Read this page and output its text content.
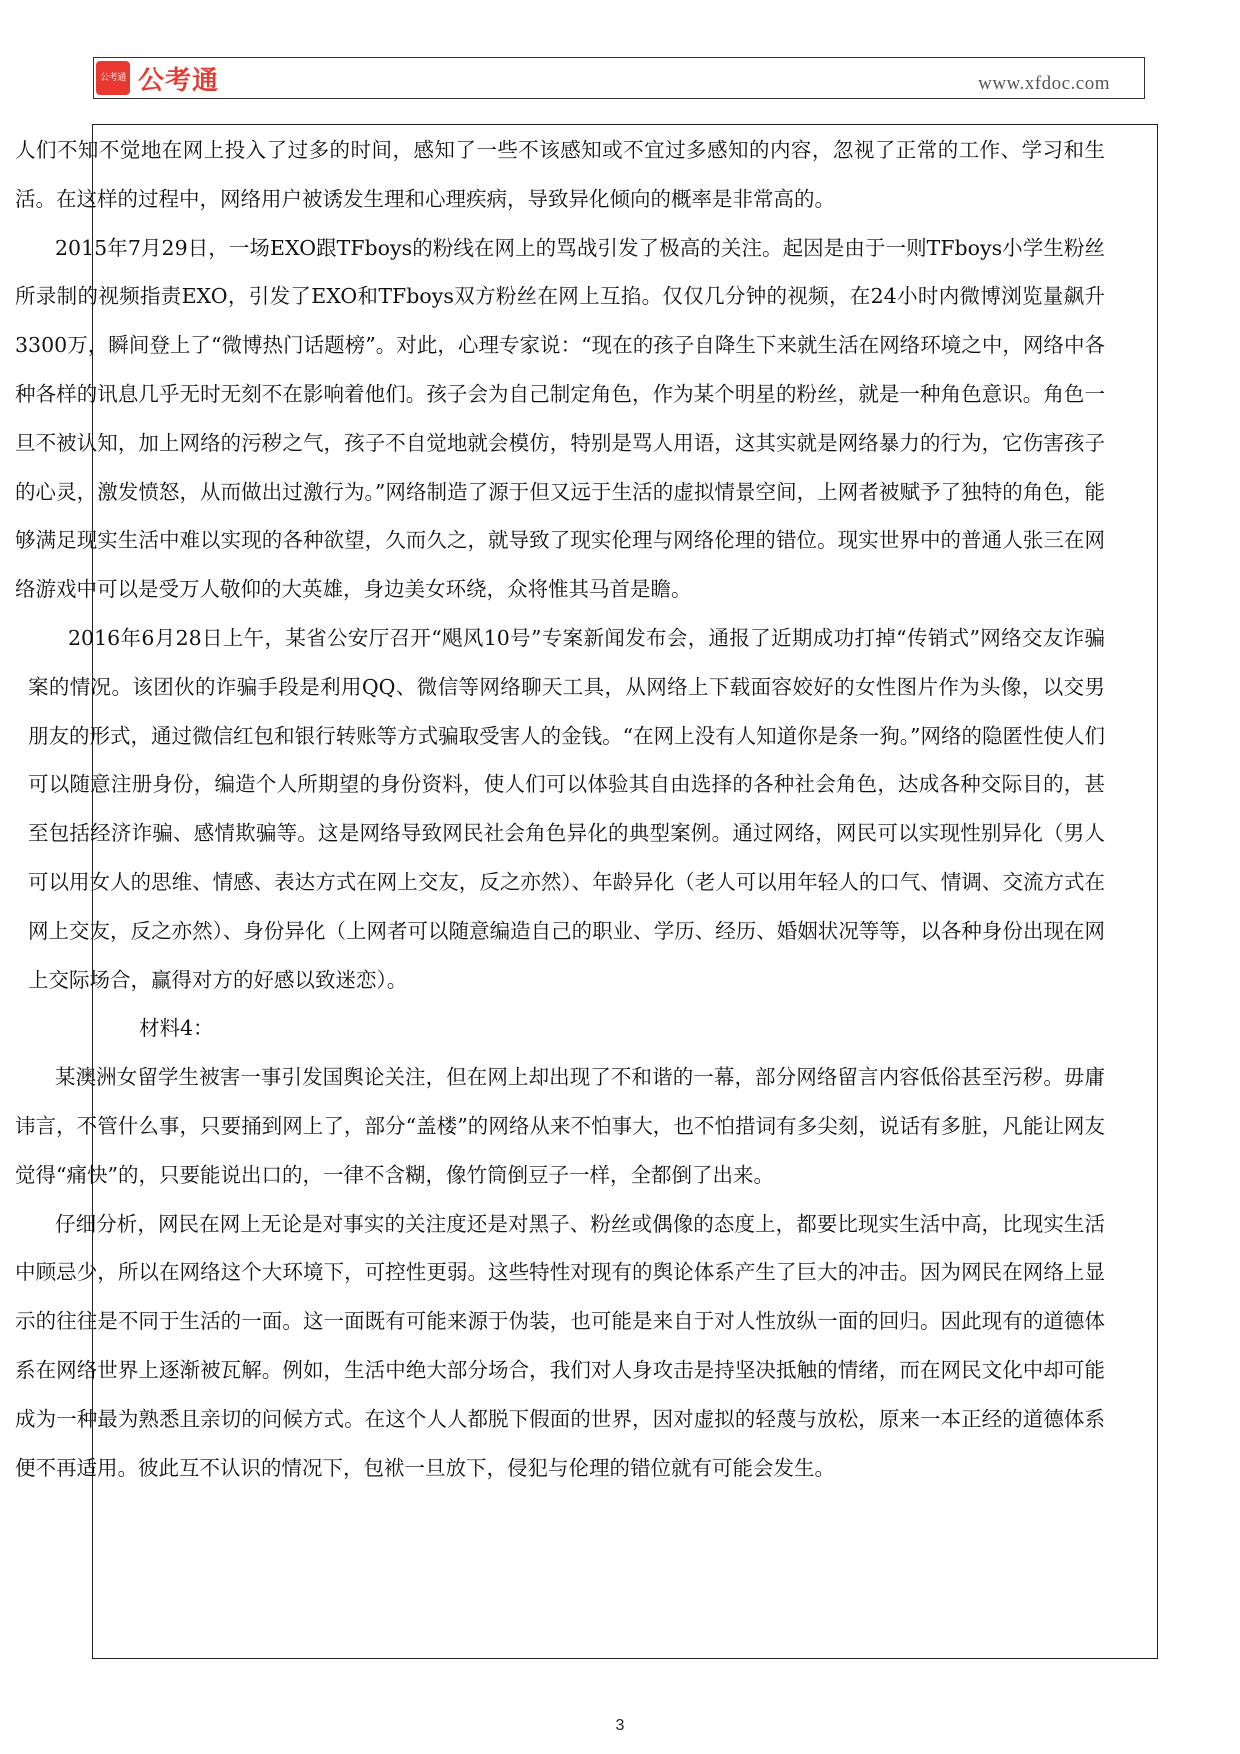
公考通 公考通	www.xfdoc.com

人们不知不觉地在网上投入了过多的时间，感知了一些不该感知或不宜过多感知的内容，忽视了正常的工作、学习和生活。在这样的过程中，网络用户被诱发生理和心理疾病，导致异化倾向的概率是非常高的。

2015年7月29日，一场EXO跟TFboys的粉线在网上的骂战引发了极高的关注。起因是由于一则TFboys小学生粉丝所录制的视频指责EXO，引发了EXO和TFboys双方粉丝在网上互掐。仅仅几分钟的视频，在24小时内微博浏览量飙升3300万，瞬间登上了“微博热门话题榜”。对此，心理专家说：“现在的孩子自降生下来就生活在网络环境之中，网络中各种各样的讯息几乎无时无刻不在影响着他们。孩子会为自己制定角色，作为某个明星的粉丝，就是一种角色意识。角色一旦不被认知，加上网络的污秽之气，孩子不自觉地就会模仿，特别是骂人用语，这其实就是网络暴力的行为，它伤害孩子的心灵，激发愤怒，从而做出过激行为。”网络制造了源于但又远于生活的虚拟情景空间，上网者被赋予了独特的角色，能够满足现实生活中难以实现的各种欲望，久而久之，就导致了现实伦理与网络伦理的错位。现实世界中的普通人张三在网络游戏中可以是受万人敬仰的大英雄，身边美女环绕，众将惟其马首是瞻。

2016年6月28日上午，某省公安厅召开“飓风10号”专案新闻发布会，通报了近期成功打掉“传销式”网络交友诈骗案的情况。该团伙的诈骗手段是利用QQ、微信等网络聊天工具，从网络上下载面容姣好的女性图片作为头像，以交男朋友的形式，通过微信红包和银行转账等方式骗取受害人的金钱。“在网上没有人知道你是条一狗。”网络的隐匿性使人们可以随意注册身份，编造个人所期望的身份资料，使人们可以体验其自由选择的各种社会角色，达成各种交际目的，甚至包括经济诈骗、感情欺骗等。这是网络导致网民社会角色异化的典型案例。通过网络，网民可以实现性别异化（男人可以用女人的思维、情感、表达方式在网上交友，反之亦然）、年龄异化（老人可以用年轻人的口气、情调、交流方式在网上交友，反之亦然）、身份异化（上网者可以随意编造自己的职业、学历、经历、婚姻状况等等，以各种身份出现在网上交际场合，赢得对方的好感以致迷恋）。

材料4：

某澳洲女留学生被害一事引发国舆论关注，但在网上却出现了不和谐的一幕，部分网络留言内容低俗甚至污秽。毋庸讳言，不管什么事，只要捅到网上了，部分“盖楼”的网络从来不怕事大，也不怕措词有多尖刻，说话有多脏，凡能让网友觉得“痛快”的，只要能说出口的，一律不含糊，像竹筒倒豆子一样，全都倒了出来。

仔细分析，网民在网上无论是对事实的关注度还是对黑子、粉丝或偶像的态度上，都要比现实生活中高，比现实生活中顾忌少，所以在网络这个大环境下，可控性更弱。这些特性对现有的舆论体系产生了巨大的冲击。因为网民在网络上显示的往往是不同于生活的一面。这一面既有可能来源于伪装，也可能是来自于对人性放纵一面的回归。因此现有的道德体系在网络世界上逐渐被瓦解。例如，生活中绝大部分场合，我们对人身攻击是持坚决抵触的情绪，而在网民文化中却可能成为一种最为熟悉且亲切的问候方式。在这个人人都脱下假面的世界，因对虚拟的轻蔑与放松，原来一本正经的道德体系便不再适用。彼此互不认识的情况下，包袱一旦放下，侵犯与伦理的错位就有可能会发生。

3
